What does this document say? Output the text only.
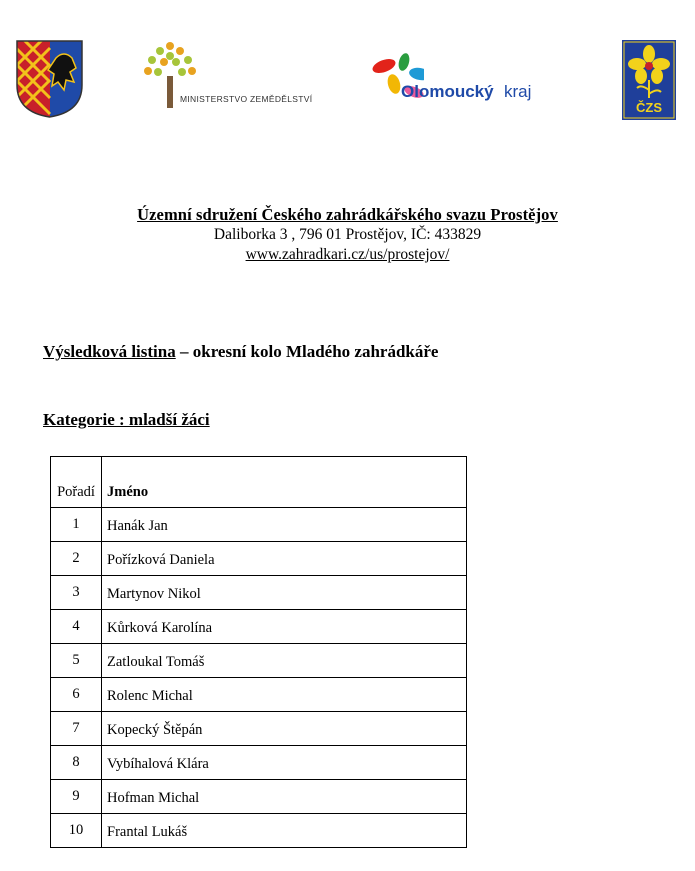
MINISTERSTVO ZEMĚDĚLSTVÍ	Olomoucký kraj
ČZS
Územní sdružení Českého zahrádkářského svazu Prostějov
Daliborka 3 , 796 01 Prostějov, IČ: 433829
www.zahradkari.cz/us/prostejov/
Výsledková listina – okresní kolo Mladého zahrádkáře
Kategorie : mladší žáci
Pořadí	Jméno
1	Hanák Jan
2	Pořízková Daniela
3	Martynov Nikol
4	Kůrková Karolína
5	Zatloukal Tomáš
6	Rolenc Michal
7	Kopecký Štěpán
8	Vybíhalová Klára
9	Hofman Michal
10	Frantal Lukáš
